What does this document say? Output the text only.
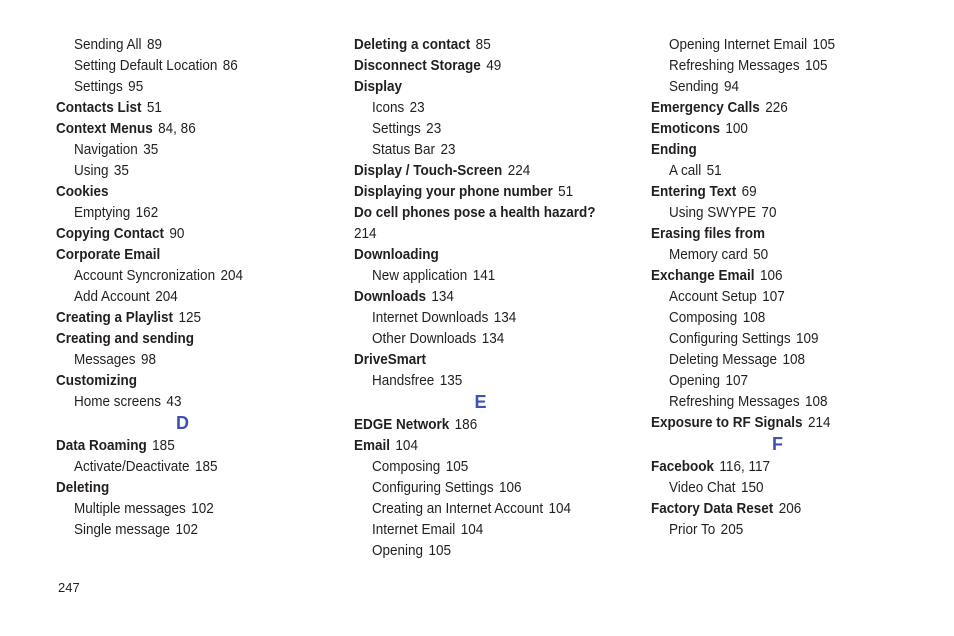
Sending All 89
Setting Default Location 86
Settings 95
Contacts List 51
Context Menus 84, 86
Navigation 35
Using 35
Cookies
Emptying 162
Copying Contact 90
Corporate Email
Account Syncronization 204
Add Account 204
Creating a Playlist 125
Creating and sending
Messages 98
Customizing
Home screens 43
D
Data Roaming 185
Activate/Deactivate 185
Deleting
Multiple messages 102
Single message 102
Deleting a contact 85
Disconnect Storage 49
Display
Icons 23
Settings 23
Status Bar 23
Display / Touch-Screen 224
Displaying your phone number 51
Do cell phones pose a health hazard?
214
Downloading
New application 141
Downloads 134
Internet Downloads 134
Other Downloads 134
DriveSmart
Handsfree 135
E
EDGE Network 186
Email 104
Composing 105
Configuring Settings 106
Creating an Internet Account 104
Internet Email 104
Opening 105
Opening Internet Email 105
Refreshing Messages 105
Sending 94
Emergency Calls 226
Emoticons 100
Ending
A call 51
Entering Text 69
Using SWYPE 70
Erasing files from
Memory card 50
Exchange Email 106
Account Setup 107
Composing 108
Configuring Settings 109
Deleting Message 108
Opening 107
Refreshing Messages 108
Exposure to RF Signals 214
F
Facebook 116, 117
Video Chat 150
Factory Data Reset 206
Prior To 205
247
